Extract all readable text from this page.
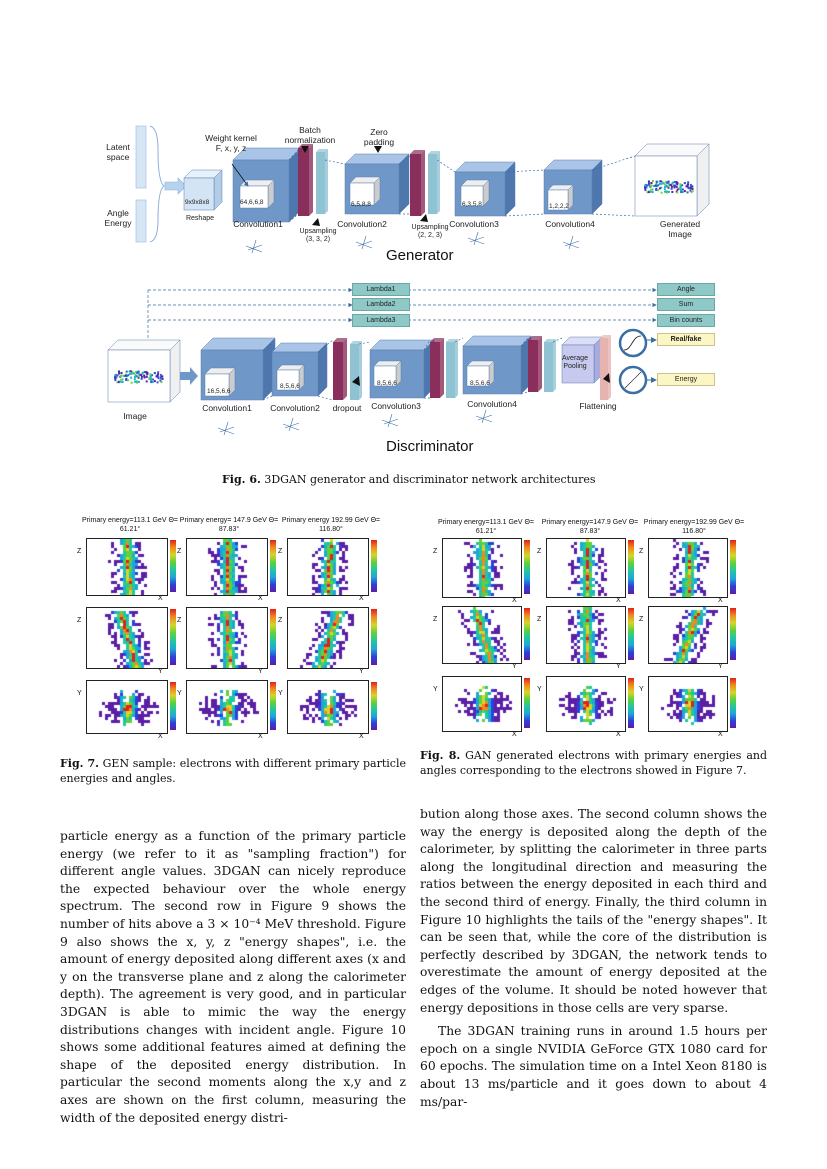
Latent
space
Angle
Energy
9x9x8x8
Reshape
Weight kernel
F, x, y, z
Batch
normalization
Zero
padding
Upsampling
(3, 3, 2)
Upsampling
(2, 2, 3)
64,6,6,8	6,5,8,8	6,3,5,8	1,2,2,2
Convolution1	Convolution2	Convolution3	Convolution4	Generated
Image
Generator
Lambda1
Lambda2
Lambda3
Angle
Sum
Bin counts
Real/fake
Energy
Image
16,5,6,6
8,5,6,6	8,5,6,6	8,5,6,6
Convolution1	Convolution2	dropout	Convolution3	Convolution4
Average
Pooling
Flattening
Discriminator
Fig. 6. 3DGAN generator and discriminator network architectures
Primary energy=113.1 GeV Θ= 61.21°
Primary energy= 147.9 GeV Θ= 87.83°
Primary energy 192.99 GeV Θ= 116.80°
Primary energy=113.1 GeV Θ= 61.21°
Primary energy=147.9 GeV Θ= 87.83°
Primary energy=192.99 GeV Θ= 116.80°
Z
X
Z
X
Z
X
Z
Y
Z
Y
Z
Y
Y
X
Y
X
Y
X
Z
X
Z
X
Z
X
Z
Y
Z
Y
Z
Y
Y
X
Y
X
Y
X
Fig. 7. GEN sample: electrons with different primary particle energies and angles.
Fig. 8. GAN generated electrons with primary energies and angles corresponding to the electrons showed in Figure 7.

particle energy as a function of the primary particle energy (we refer to it as "sampling fraction") for different angle values. 3DGAN can nicely reproduce the expected behaviour over the whole energy spectrum. The second row in Figure 9 shows the number of hits above a 3 × 10⁻⁴ MeV threshold. Figure 9 also shows the x, y, z "energy shapes", i.e. the amount of energy deposited along different axes (x and y on the transverse plane and z along the calorimeter depth). The agreement is very good, and in particular 3DGAN is able to mimic the way the energy distributions changes with incident angle. Figure 10 shows some additional features aimed at defining the shape of the deposited energy distribution. In particular the second moments along the x,y and z axes are shown on the first column, measuring the width of the deposited energy distri-

bution along those axes. The second column shows the way the energy is deposited along the depth of the calorimeter, by splitting the calorimeter in three parts along the longitudinal direction and measuring the ratios between the energy deposited in each third and the second third of energy. Finally, the third column in Figure 10 highlights the tails of the "energy shapes". It can be seen that, while the core of the distribution is perfectly described by 3DGAN, the network tends to overestimate the amount of energy deposited at the edges of the volume. It should be noted however that energy depositions in those cells are very sparse.

The 3DGAN training runs in around 1.5 hours per epoch on a single NVIDIA GeForce GTX 1080 card for 60 epochs. The simulation time on a Intel Xeon 8180 is about 13 ms/particle and it goes down to about 4 ms/par-
